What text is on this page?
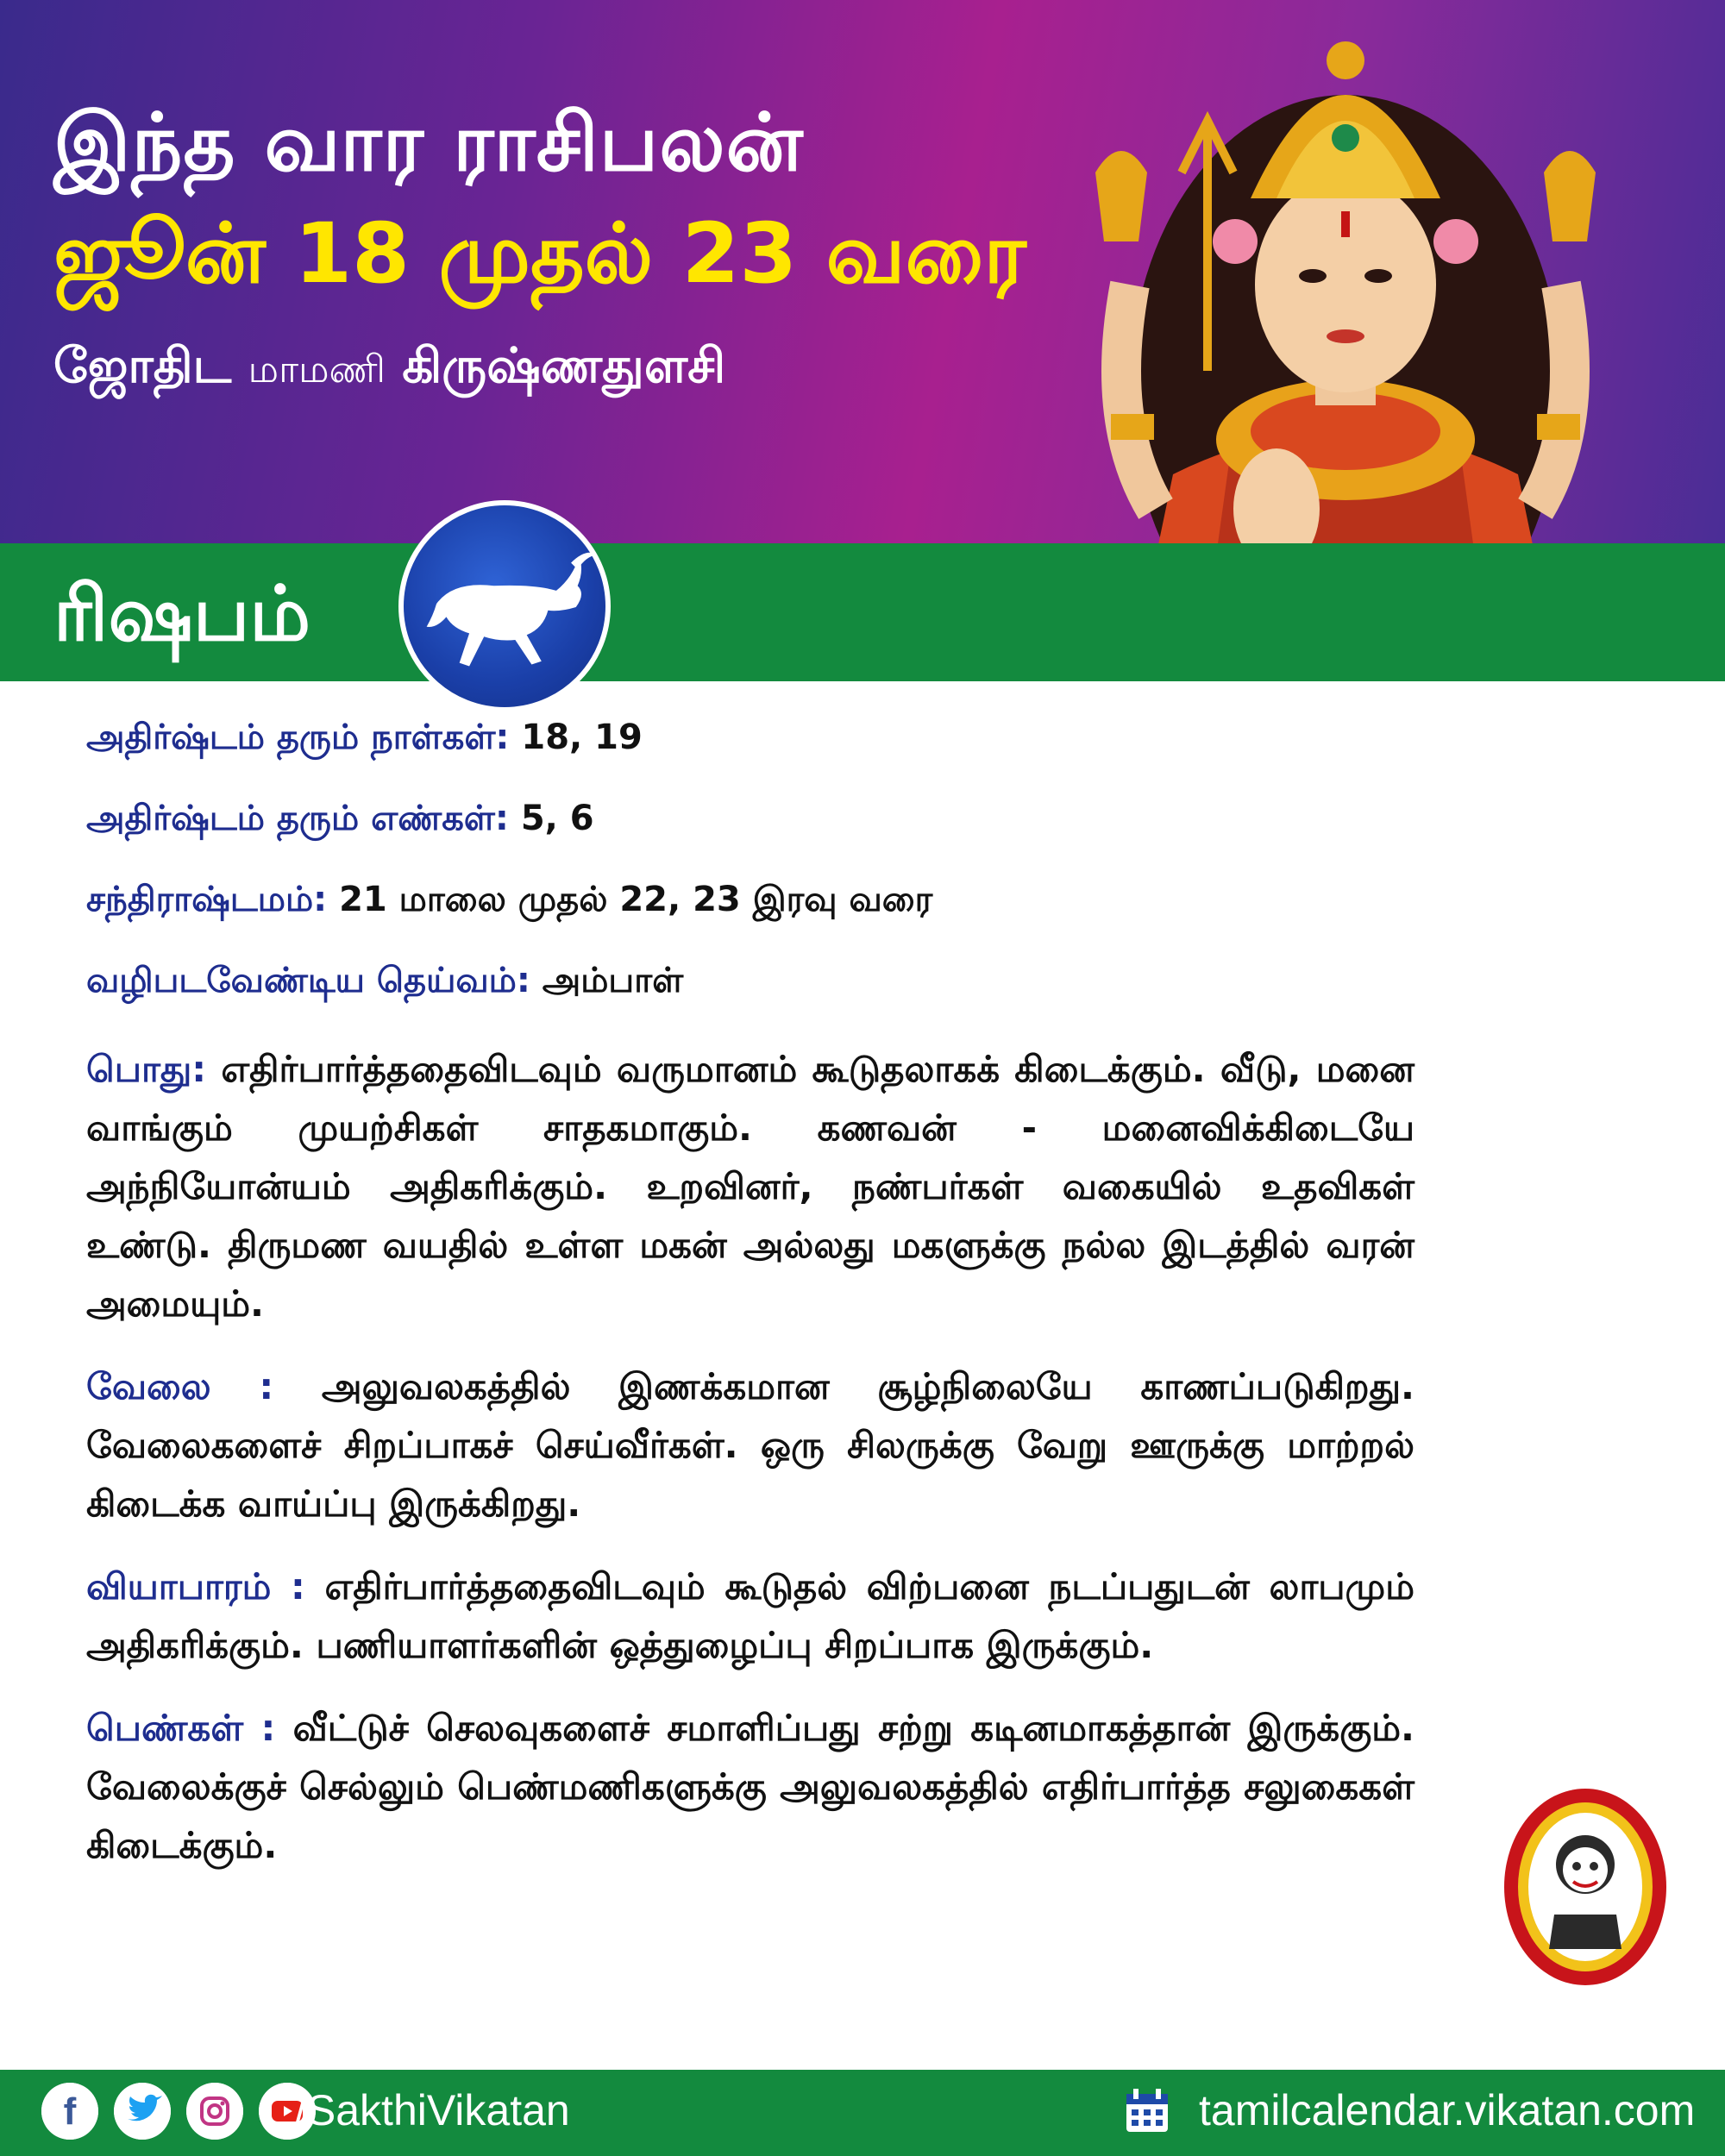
இந்த வார ராசிபலன்
ஜூன் 18 முதல் 23 வரை
ஜோதிட மாமணி கிருஷ்ணதுளசி
ரிஷபம்
அதிர்ஷ்டம் தரும் நாள்கள்: 18, 19
அதிர்ஷ்டம் தரும் எண்கள்: 5, 6
சந்திராஷ்டமம்: 21 மாலை முதல் 22, 23 இரவு வரை
வழிபடவேண்டிய தெய்வம்: அம்பாள்

பொது: எதிர்பார்த்ததைவிடவும் வருமானம் கூடுதலாகக் கிடைக்கும். வீடு, மனை வாங்கும் முயற்சிகள் சாதகமாகும். கணவன் - மனைவிக்கிடையே அந்நியோன்யம் அதிகரிக்கும். உறவினர், நண்பர்கள் வகையில் உதவிகள் உண்டு. திருமண வயதில் உள்ள மகன் அல்லது மகளுக்கு நல்ல இடத்தில் வரன் அமையும்.

வேலை : அலுவலகத்தில் இணக்கமான சூழ்நிலையே காணப்படுகிறது. வேலைகளைச் சிறப்பாகச் செய்வீர்கள். ஒரு சிலருக்கு வேறு ஊருக்கு மாற்றல் கிடைக்க வாய்ப்பு இருக்கிறது.

வியாபாரம் : எதிர்பார்த்ததைவிடவும் கூடுதல் விற்பனை நடப்பதுடன் லாபமும் அதிகரிக்கும். பணியாளர்களின் ஒத்துழைப்பு சிறப்பாக இருக்கும்.

பெண்கள் : வீட்டுச் செலவுகளைச் சமாளிப்பது சற்று கடினமாகத்தான் இருக்கும். வேலைக்குச் செல்லும் பெண்மணிகளுக்கு அலுவலகத்தில் எதிர்பார்த்த சலுகைகள் கிடைக்கும்.

f	/SakthiVikatan	tamilcalendar.vikatan.com
